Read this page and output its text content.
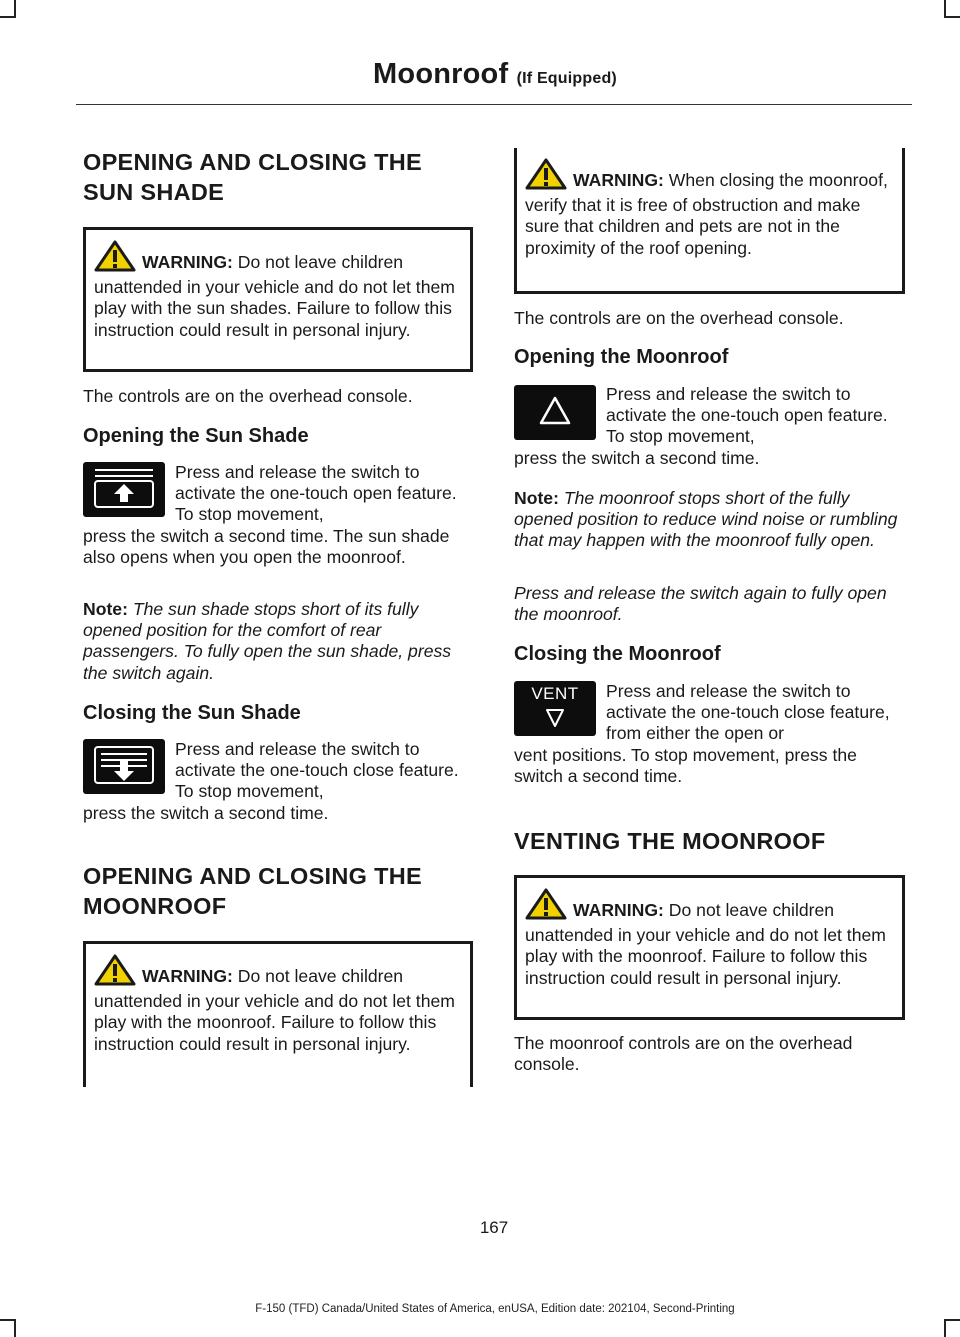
Moonroof (If Equipped)
OPENING AND CLOSING THE
SUN SHADE
WARNING: Do not leave children unattended in your vehicle and do not let them play with the sun shades. Failure to follow this instruction could result in personal injury.
The controls are on the overhead console.
Opening the Sun Shade
Press and release the switch to activate the one-touch open feature. To stop movement,
press the switch a second time. The sun shade also opens when you open the moonroof.
Note: The sun shade stops short of its fully opened position for the comfort of rear passengers. To fully open the sun shade, press the switch again.
Closing the Sun Shade
Press and release the switch to activate the one-touch close feature. To stop movement,
press the switch a second time.
OPENING AND CLOSING THE
MOONROOF
WARNING: Do not leave children unattended in your vehicle and do not let them play with the moonroof. Failure to follow this instruction could result in personal injury.
WARNING: When closing the moonroof, verify that it is free of obstruction and make sure that children and pets are not in the proximity of the roof opening.
The controls are on the overhead console.
Opening the Moonroof
Press and release the switch to activate the one-touch open feature. To stop movement,
press the switch a second time.
Note: The moonroof stops short of the fully opened position to reduce wind noise or rumbling that may happen with the moonroof fully open.
Press and release the switch again to fully open the moonroof.
Closing the Moonroof
VENT	Press and release the switch to activate the one-touch close feature, from either the open or
vent positions. To stop movement, press the switch a second time.
VENTING THE MOONROOF
WARNING: Do not leave children unattended in your vehicle and do not let them play with the moonroof. Failure to follow this instruction could result in personal injury.
The moonroof controls are on the overhead console.
167
F-150 (TFD) Canada/United States of America, enUSA, Edition date: 202104, Second-Printing
